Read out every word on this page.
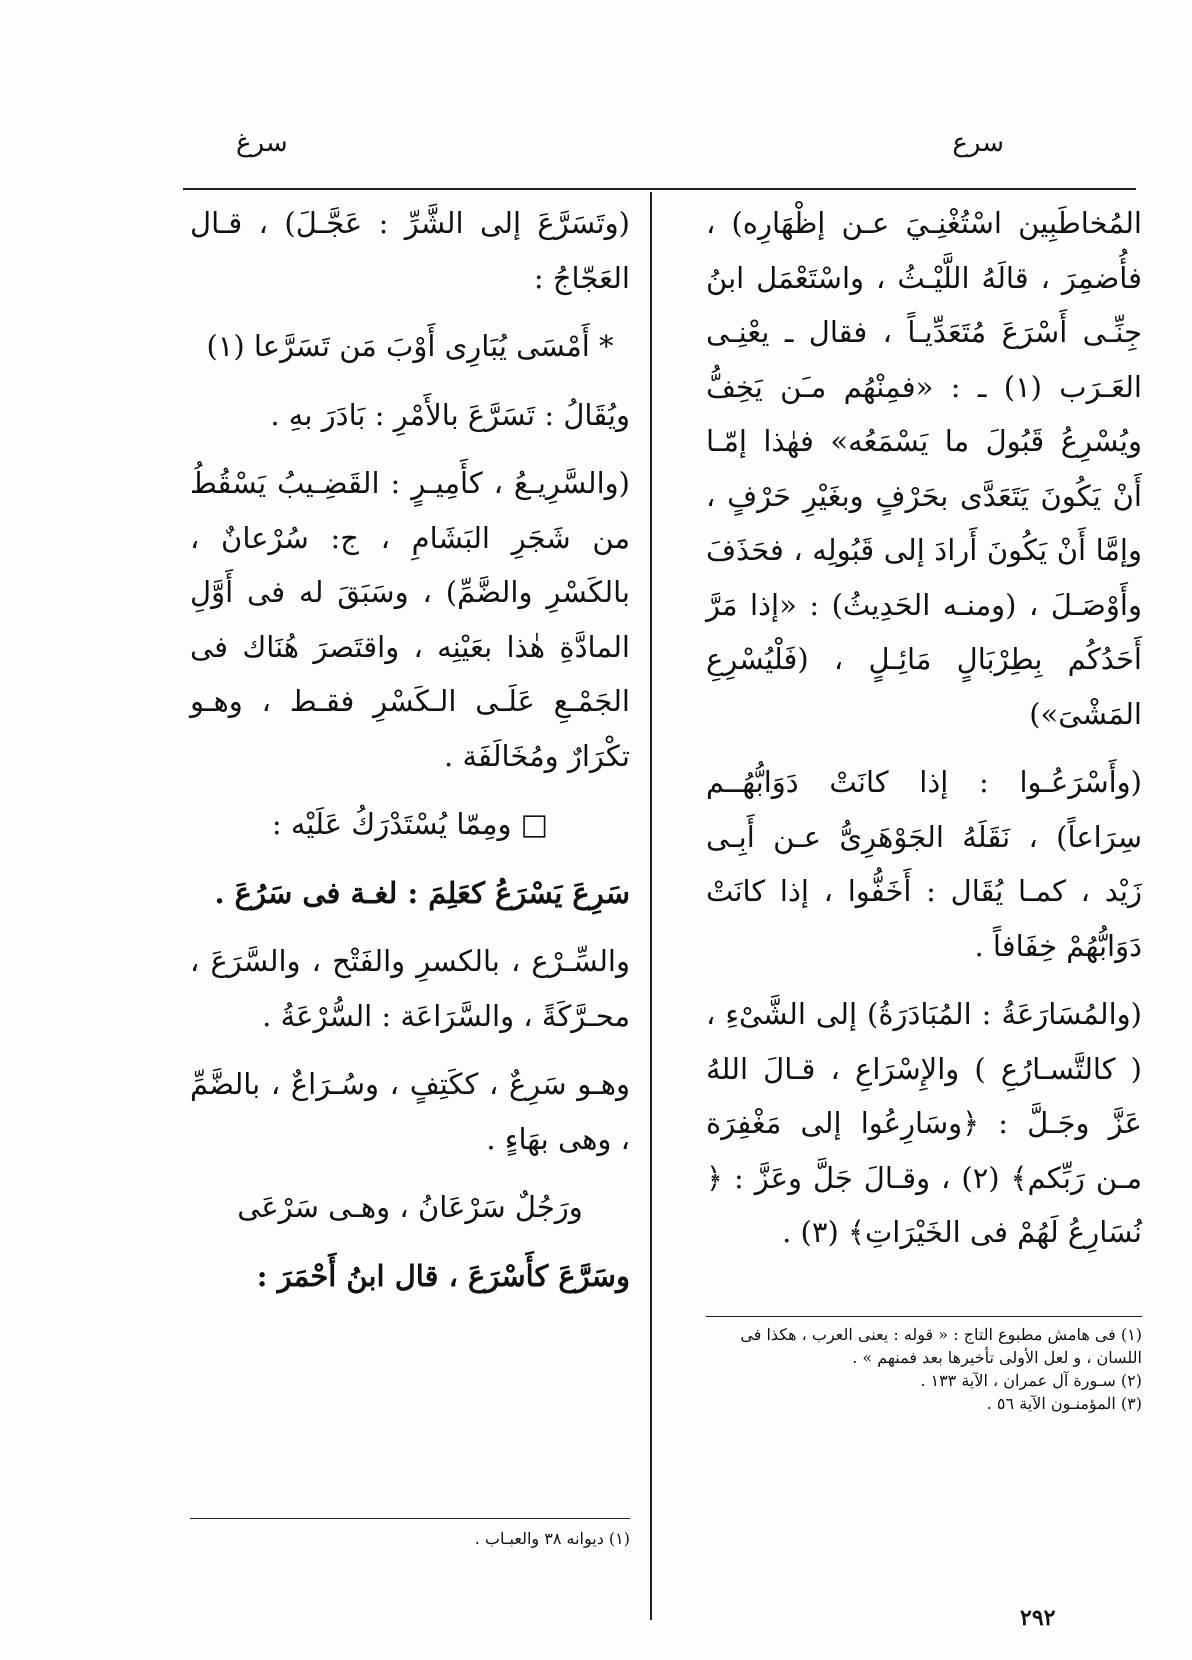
سرع
سرغ

المُخاطَبِين اسْتُغْنِـيَ عـن إظْهَارِه) ، فأُضمِرَ ، قالَهُ اللَّيْـثُ ، واسْتَعْمَل ابنُ جِنِّـى أَسْرَعَ مُتَعَدِّيـاً ، فقال ـ يعْنِـى العَـرَب (١) ـ : «فمِنْهُم مـَن يَخِفُّ ويُسْرِعُ قَبُولَ ما يَسْمَعُه» فهٰذا إمّـا أَنْ يَكُونَ يَتَعَدَّى بحَرْفٍ وبغَيْرِ حَرْفٍ ، وإمَّا أَنْ يَكُونَ أَرادَ إلى قَبُولِه ، فحَذَفَ وأَوْصَـلَ ، (ومنـه الحَدِيثُ) : «إذا مَرَّ أَحَدُكُم بِطِرْبَالٍ مَائِـلٍ ، (فَلْيُسْرِعِ المَشْىَ»)

(وأَسْرَعُـوا : إذا كانَتْ دَوَابُّهُــم سِرَاعاً) ، نَقَلَهُ الجَوْهَرِىُّ عـن أَبِـى زَيْد ، كمـا يُقَال : أَخَفُّوا ، إذا كانَتْ دَوَابُّهُمْ خِفَافاً .

(والمُسَارَعَةُ : المُبَادَرَةُ) إلى الشَّىْءِ ، ( كالتَّسـارُعِ ) والإِسْرَاعِ ، قـالَ اللهُ عَزَّ وجَـلَّ : ﴿وسَارِعُوا إلى مَغْفِرَة مـن رَبِّكم﴾ (٢) ، وقـالَ جَلَّ وعَزَّ : ﴿ نُسَارِعُ لَهُمْ فى الخَيْرَاتِ﴾ (٣) .

(وتَسَرَّعَ إلى الشَّرِّ : عَجَّـلَ) ، قـال العَجّاجُ :

* أَمْسَى يُبَارِى أَوْبَ مَن تَسَرَّعا (١)

ويُقَالُ : تَسَرَّعَ بالأَمْرِ : بَادَرَ بهِ .

(والسَّرِيـعُ ، كأَمِيـرٍ : القَضِـيبُ يَسْقُطُ من شَجَرِ البَشَامِ ، ج: سُرْعانٌ ، بالكَسْرِ والضَّمِّ) ، وسَبَقَ له فى أَوَّلِ المادَّةِ هٰذا بعَيْنِه ، واقتَصرَ هُنَاك فى الجَمْـعِ عَلَـى الـكَسْرِ فقـط ، وهـو تكْرَارٌ ومُخَالَفَة .

□ ومِمّا يُسْتَدْرَكُ عَلَيْه :

سَرِعَ يَسْرَعُ كعَلِمَ : لغـة فى سَرُعَ .

والسِّـرْع ، بالكسرِ والفَتْح ، والسَّرَعَ ، محـرَّكَةً ، والسَّرَاعَة : السُّرْعَةُ .

وهـو سَرِعٌ ، ككَتِفٍ ، وسُـرَاعٌ ، بالضَّمِّ ، وهى بهَاءٍ .

ورَجُلٌ سَرْعَانُ ، وهـى سَرْعَى

وسَرَّعَ كأَسْرَعَ ، قال ابنُ أَحْمَرَ :

(١) فى هامش مطبوع التاج : « قوله : يعنى العرب ، هكذا فى اللسان ، و لعل الأولى تأخيرها بعد فمنهم » .
(٢) سـورة آل عمران ، الآية ١٣٣ .
(٣) المؤمنـون الآية ٥٦ .
(١) ديوانه ٣٨ والعبـاب .
٢٩٢
